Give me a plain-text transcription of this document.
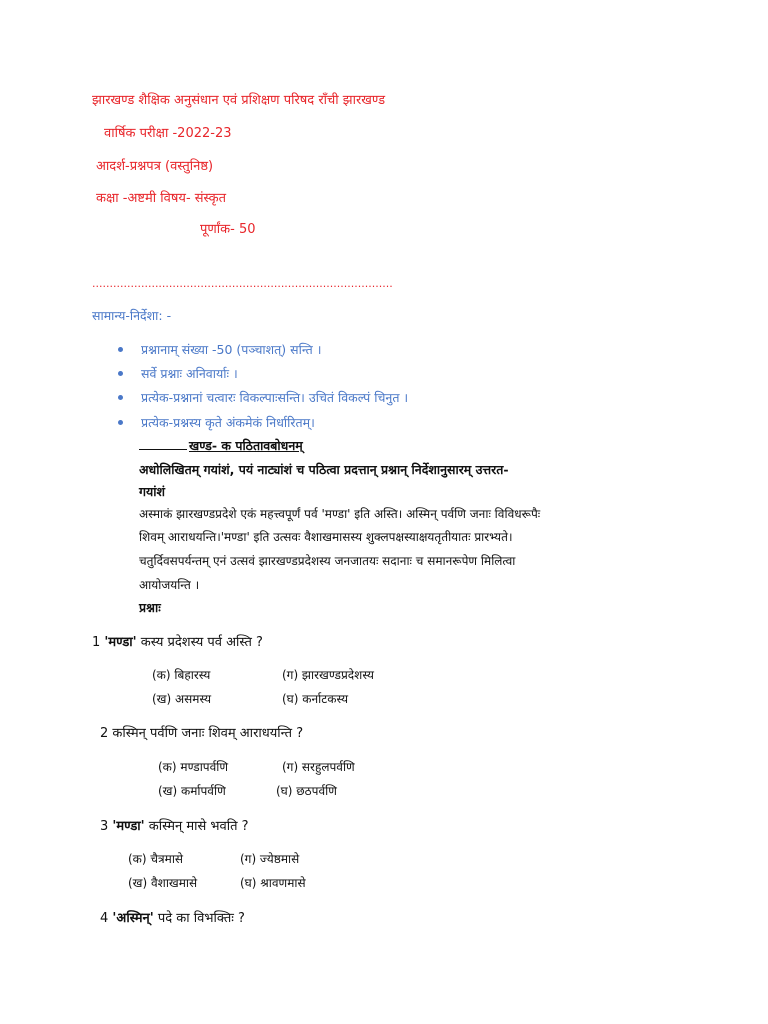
झारखण्ड शैक्षिक अनुसंधान एवं प्रशिक्षण परिषद राँची झारखण्ड
वार्षिक परीक्षा -2022-23
आदर्श-प्रश्नपत्र (वस्तुनिष्ठ)
कक्षा -अष्टमी विषय- संस्कृत
पूर्णांक- 50
......................................................................................
सामान्य-निर्देशा: -
प्रश्नानाम् संख्या -50 (पञ्चाशत्) सन्ति ।
सर्वे प्रश्नाः अनिवार्याः ।
प्रत्येक-प्रश्नानां चत्वारः विकल्पाःसन्ति। उचितं विकल्पं चिनुत ।
प्रत्येक-प्रश्नस्य कृते अंकमेकं निर्धारितम्।
खण्ड- क पठितावबोधनम्
अधोलिखितम् गयांशं, पयं नाट्यांशं च पठित्वा प्रदत्तान् प्रश्नान् निर्देशानुसारम् उत्तरत-
गयांशं
अस्माकं झारखण्डप्रदेशे एकं महत्त्वपूर्णं पर्व 'मण्डा' इति अस्ति। अस्मिन् पर्वणि जनाः विविधरूपैः
शिवम् आराधयन्ति।'मण्डा' इति उत्सवः वैशाखमासस्य शुक्लपक्षस्याक्षयतृतीयातः प्रारभ्यते।
चतुर्दिवसपर्यन्तम् एनं उत्सवं झारखण्डप्रदेशस्य जनजातयः सदानाः च समानरूपेण मिलित्वा
आयोजयन्ति ।
प्रश्नाः
1 'मण्डा' कस्य प्रदेशस्य पर्व अस्ति ?
(क) बिहारस्य	(ग) झारखण्डप्रदेशस्य
(ख) असमस्य	(घ) कर्नाटकस्य
2 कस्मिन् पर्वणि जनाः शिवम् आराधयन्ति ?
(क) मण्डापर्वणि	(ग) सरहुलपर्वणि
(ख) कर्मापर्वणि	(घ) छठपर्वणि
3 'मण्डा' कस्मिन् मासे भवति ?
(क) चैत्रमासे	(ग) ज्येष्ठमासे
(ख) वैशाखमासे	(घ) श्रावणमासे
4 'अस्मिन्' पदे का विभक्तिः ?
